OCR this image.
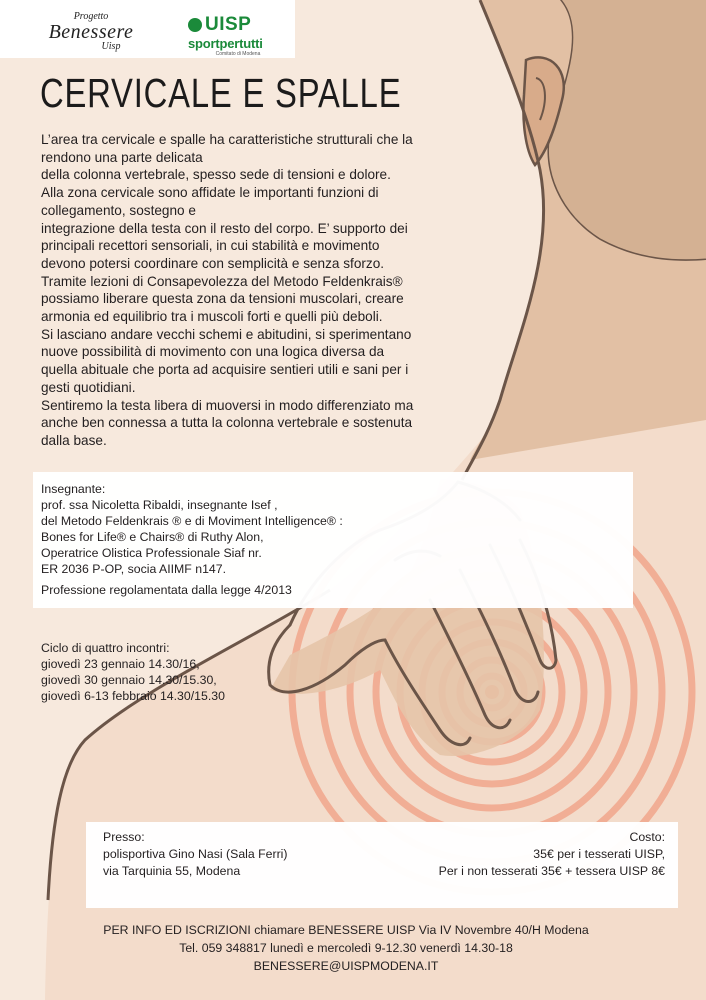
Progetto
Benessere
Uisp
UISP
sportpertutti
Comitato di Modena
CERVICALE E SPALLE
L’area tra cervicale e spalle ha caratteristiche strutturali che la
rendono una parte delicata
della colonna vertebrale, spesso sede di tensioni e dolore.
Alla zona cervicale sono affidate le importanti funzioni di
collegamento, sostegno e
integrazione della testa con il resto del corpo. E’ supporto dei
principali recettori sensoriali, in cui stabilità e movimento
devono potersi coordinare con semplicità e senza sforzo.
Tramite lezioni di Consapevolezza del Metodo Feldenkrais®
possiamo liberare questa zona da tensioni muscolari, creare
armonia ed equilibrio tra i muscoli forti e quelli più deboli.
Si lasciano andare vecchi schemi e abitudini, si sperimentano
nuove possibilità di movimento con una logica diversa da
quella abituale che porta ad acquisire sentieri utili e sani per i
gesti quotidiani.
Sentiremo la testa libera di muoversi in modo differenziato ma
anche ben connessa a tutta la colonna vertebrale e sostenuta
dalla base.
Insegnante:
prof. ssa Nicoletta Ribaldi, insegnante Isef ,
del Metodo Feldenkrais ® e di Moviment Intelligence® :
Bones for Life® e Chairs® di Ruthy Alon,
Operatrice Olistica Professionale Siaf nr.
ER 2036 P-OP, socia AIIMF n147.
Professione regolamentata dalla legge 4/2013
Ciclo di quattro incontri:
giovedì 23 gennaio 14.30/16,
giovedì 30 gennaio 14.30/15.30,
giovedì 6-13 febbraio 14.30/15.30
Presso:
polisportiva Gino Nasi (Sala Ferri)
via Tarquinia 55, Modena
Costo:
35€ per i tesserati UISP,
Per i non tesserati 35€ + tessera UISP 8€
PER INFO ED ISCRIZIONI chiamare BENESSERE UISP Via IV Novembre 40/H Modena
Tel. 059 348817 lunedì e mercoledì 9-12.30 venerdì 14.30-18
BENESSERE@UISPMODENA.IT
